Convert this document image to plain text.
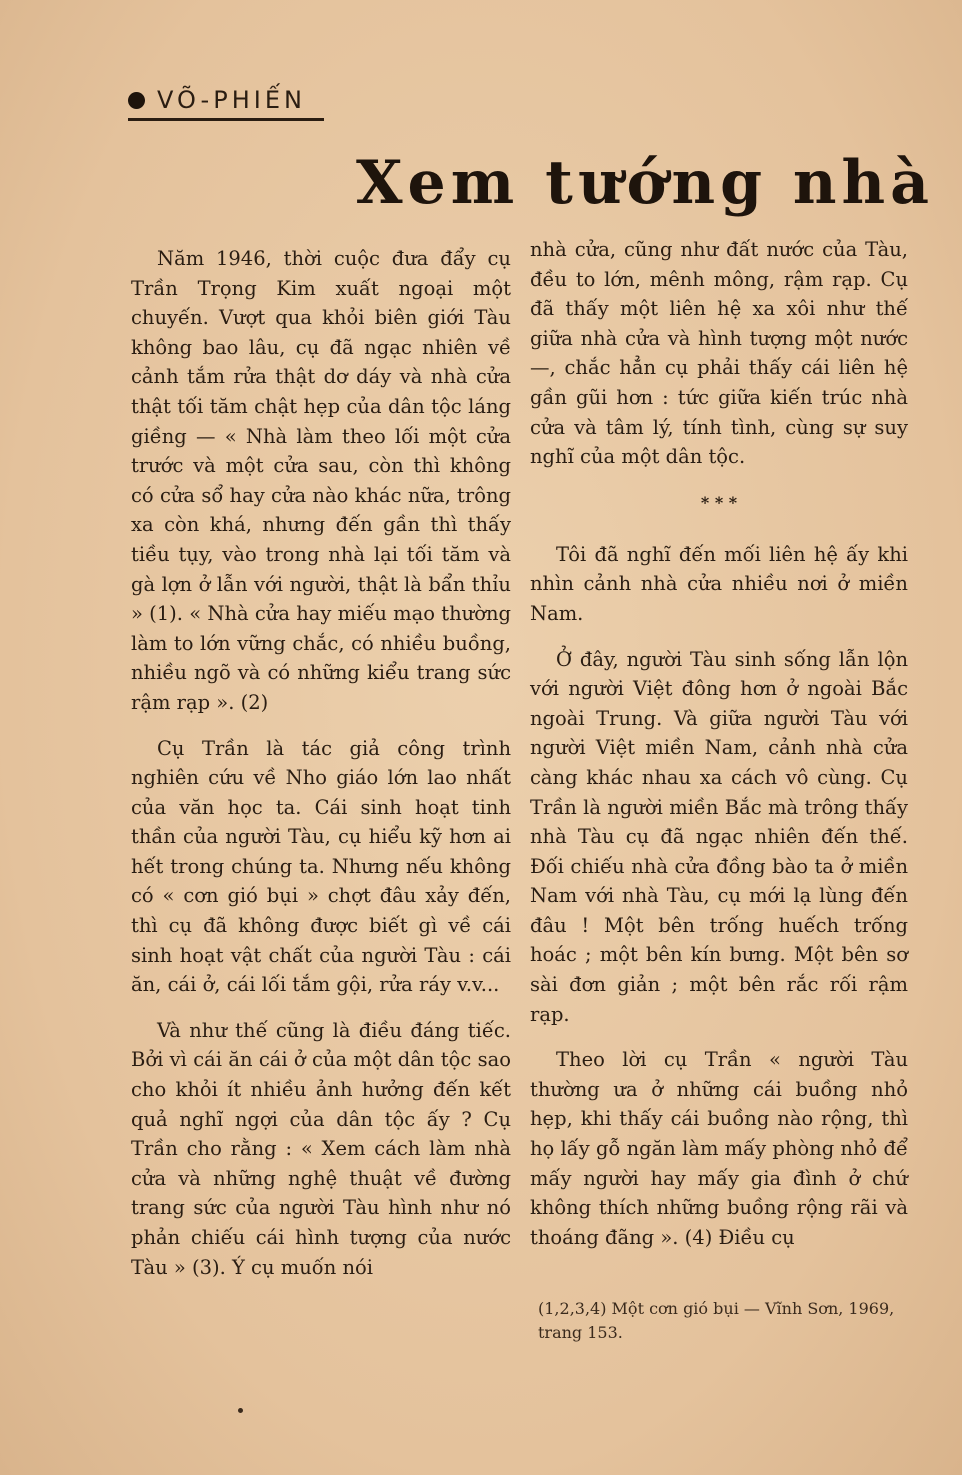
VÕ-PHIẾN
Xem tướng nhà

Năm 1946, thời cuộc đưa đẩy cụ Trần Trọng Kim xuất ngoại một chuyến. Vượt qua khỏi biên giới Tàu không bao lâu, cụ đã ngạc nhiên về cảnh tắm rửa thật dơ dáy và nhà cửa thật tối tăm chật hẹp của dân tộc láng giềng — « Nhà làm theo lối một cửa trước và một cửa sau, còn thì không có cửa sổ hay cửa nào khác nữa, trông xa còn khá, nhưng đến gần thì thấy tiều tụy, vào trong nhà lại tối tăm và gà lợn ở lẫn với người, thật là bẩn thỉu » (1). « Nhà cửa hay miếu mạo thường làm to lớn vững chắc, có nhiều buồng, nhiều ngõ và có những kiểu trang sức rậm rạp ». (2)

Cụ Trần là tác giả công trình nghiên cứu về Nho giáo lớn lao nhất của văn học ta. Cái sinh hoạt tinh thần của người Tàu, cụ hiểu kỹ hơn ai hết trong chúng ta. Nhưng nếu không có « cơn gió bụi » chợt đâu xảy đến, thì cụ đã không được biết gì về cái sinh hoạt vật chất của người Tàu : cái ăn, cái ở, cái lối tắm gội, rửa ráy v.v...

Và như thế cũng là điều đáng tiếc. Bởi vì cái ăn cái ở của một dân tộc sao cho khỏi ít nhiều ảnh hưởng đến kết quả nghĩ ngợi của dân tộc ấy ? Cụ Trần cho rằng : « Xem cách làm nhà cửa và những nghệ thuật về đường trang sức của người Tàu hình như nó phản chiếu cái hình tượng của nước Tàu » (3). Ý cụ muốn nói

nhà cửa, cũng như đất nước của Tàu, đều to lớn, mênh mông, rậm rạp. Cụ đã thấy một liên hệ xa xôi như thế giữa nhà cửa và hình tượng một nước —, chắc hẳn cụ phải thấy cái liên hệ gần gũi hơn : tức giữa kiến trúc nhà cửa và tâm lý, tính tình, cùng sự suy nghĩ của một dân tộc.

* * *

Tôi đã nghĩ đến mối liên hệ ấy khi nhìn cảnh nhà cửa nhiều nơi ở miền Nam.

Ở đây, người Tàu sinh sống lẫn lộn với người Việt đông hơn ở ngoài Bắc ngoài Trung. Và giữa người Tàu với người Việt miền Nam, cảnh nhà cửa càng khác nhau xa cách vô cùng. Cụ Trần là người miền Bắc mà trông thấy nhà Tàu cụ đã ngạc nhiên đến thế. Đối chiếu nhà cửa đồng bào ta ở miền Nam với nhà Tàu, cụ mới lạ lùng đến đâu ! Một bên trống huếch trống hoác ; một bên kín bưng. Một bên sơ sài đơn giản ; một bên rắc rối rậm rạp.

Theo lời cụ Trần « người Tàu thường ưa ở những cái buồng nhỏ hẹp, khi thấy cái buồng nào rộng, thì họ lấy gỗ ngăn làm mấy phòng nhỏ để mấy người hay mấy gia đình ở chứ không thích những buồng rộng rãi và thoáng đãng ». (4) Điều cụ

(1,2,3,4) Một cơn gió bụi — Vĩnh Sơn, 1969, trang 153.
